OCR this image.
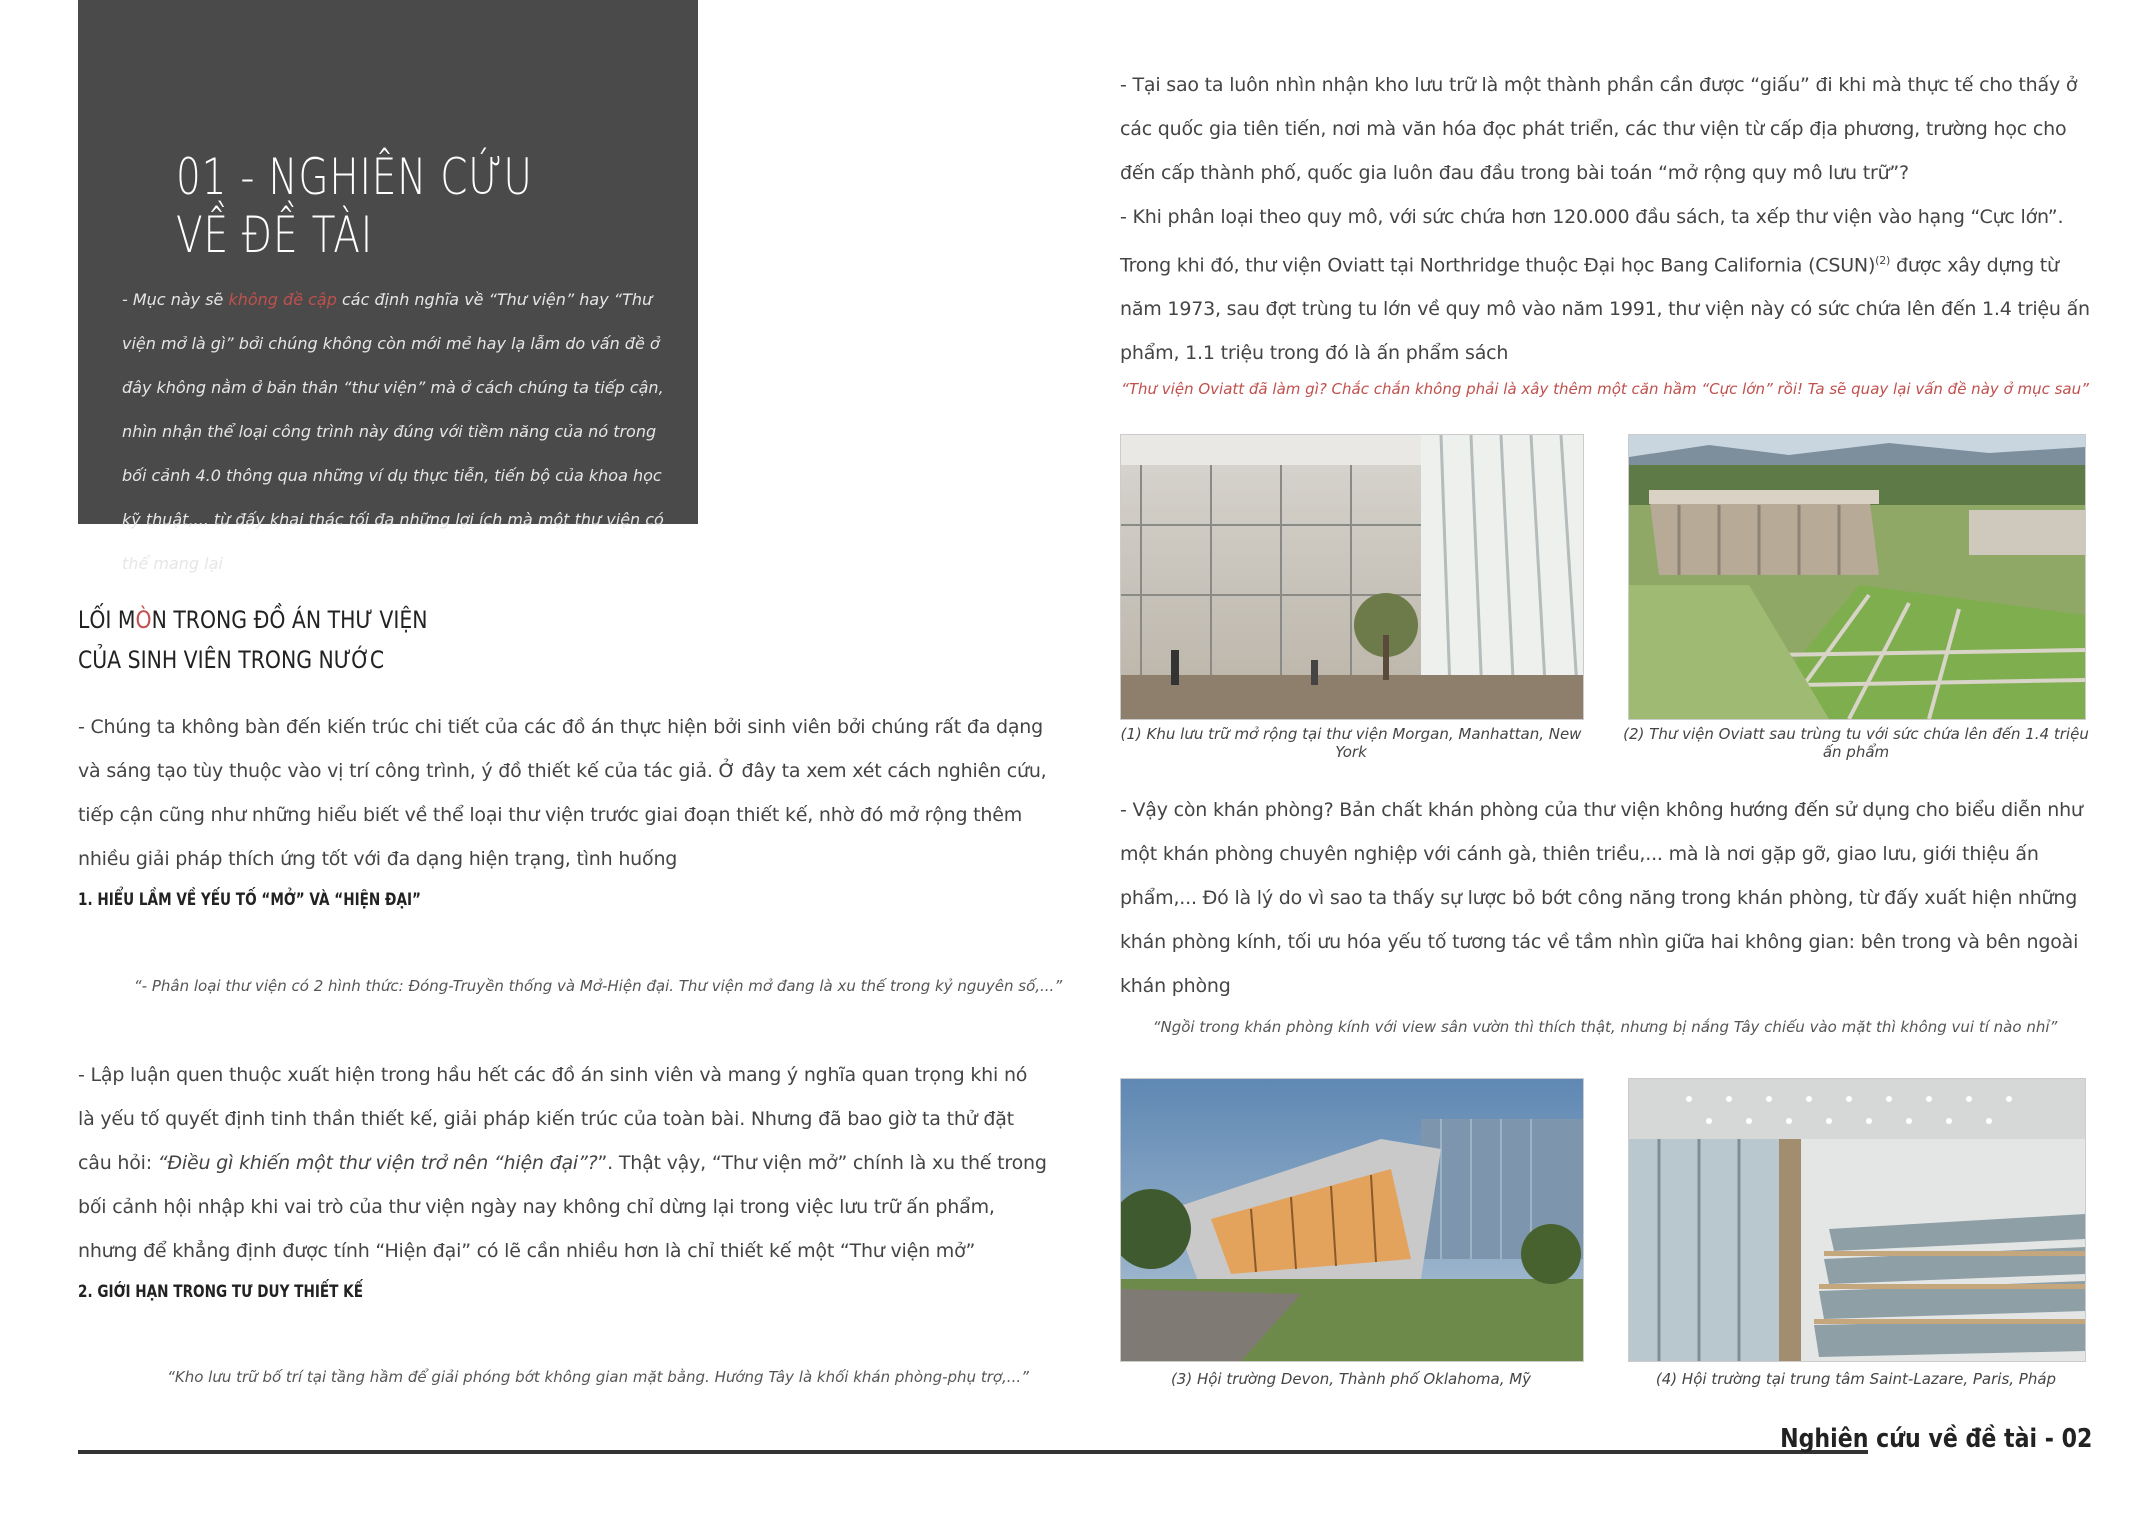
01 - NGHIÊN CỨU VỀ ĐỀ TÀI
- Mục này sẽ không đề cập các định nghĩa về “Thư viện” hay “Thư viện mở là gì” bởi chúng không còn mới mẻ hay lạ lẫm do vấn đề ở đây không nằm ở bản thân “thư viện” mà ở cách chúng ta tiếp cận, nhìn nhận thể loại công trình này đúng với tiềm năng của nó trong bối cảnh 4.0 thông qua những ví dụ thực tiễn, tiến bộ của khoa học kỹ thuật,... từ đấy khai thác tối đa những lợi ích mà một thư viện có thể mang lại
LỐI MÒN TRONG ĐỒ ÁN THƯ VIỆN
CỦA SINH VIÊN TRONG NƯỚC
- Chúng ta không bàn đến kiến trúc chi tiết của các đồ án thực hiện bởi sinh viên bởi chúng rất đa dạng và sáng tạo tùy thuộc vào vị trí công trình, ý đồ thiết kế của tác giả. Ở đây ta xem xét cách nghiên cứu, tiếp cận cũng như những hiểu biết về thể loại thư viện trước giai đoạn thiết kế, nhờ đó mở rộng thêm nhiều giải pháp thích ứng tốt với đa dạng hiện trạng, tình huống
1. HIỂU LẦM VỀ YẾU TỐ “MỞ” VÀ “HIỆN ĐẠI”
“- Phân loại thư viện có 2 hình thức: Đóng-Truyền thống và Mở-Hiện đại. Thư viện mở đang là xu thế trong kỷ nguyên số,...”
- Lập luận quen thuộc xuất hiện trong hầu hết các đồ án sinh viên và mang ý nghĩa quan trọng khi nó là yếu tố quyết định tinh thần thiết kế, giải pháp kiến trúc của toàn bài. Nhưng đã bao giờ ta thử đặt câu hỏi: “Điều gì khiến một thư viện trở nên “hiện đại”?”. Thật vậy, “Thư viện mở” chính là xu thế trong bối cảnh hội nhập khi vai trò của thư viện ngày nay không chỉ dừng lại trong việc lưu trữ ấn phẩm, nhưng để khẳng định được tính “Hiện đại” có lẽ cần nhiều hơn là chỉ thiết kế một “Thư viện mở”
2. GIỚI HẠN TRONG TƯ DUY THIẾT KẾ
“Kho lưu trữ bố trí tại tầng hầm để giải phóng bớt không gian mặt bằng. Hướng Tây là khối khán phòng-phụ trợ,...”
- Tại sao ta luôn nhìn nhận kho lưu trữ là một thành phần cần được “giấu” đi khi mà thực tế cho thấy ở các quốc gia tiên tiến, nơi mà văn hóa đọc phát triển, các thư viện từ cấp địa phương, trường học cho đến cấp thành phố, quốc gia luôn đau đầu trong bài toán “mở rộng quy mô lưu trữ”?
- Khi phân loại theo quy mô, với sức chứa hơn 120.000 đầu sách, ta xếp thư viện vào hạng “Cực lớn”. Trong khi đó, thư viện Oviatt tại Northridge thuộc Đại học Bang California (CSUN)$^{(2)}$ được xây dựng từ năm 1973, sau đợt trùng tu lớn về quy mô vào năm 1991, thư viện này có sức chứa lên đến 1.4 triệu ấn phẩm, 1.1 triệu trong đó là ấn phẩm sách
“Thư viện Oviatt đã làm gì? Chắc chắn không phải là xây thêm một căn hầm “Cực lớn” rồi! Ta sẽ quay lại vấn đề này ở mục sau”
(1) Khu lưu trữ mở rộng tại thư viện Morgan, Manhattan, New York
(2) Thư viện Oviatt sau trùng tu với sức chứa lên đến 1.4 triệu ấn phẩm
- Vậy còn khán phòng? Bản chất khán phòng của thư viện không hướng đến sử dụng cho biểu diễn như một khán phòng chuyên nghiệp với cánh gà, thiên triều,... mà là nơi gặp gỡ, giao lưu, giới thiệu ấn phẩm,... Đó là lý do vì sao ta thấy sự lược bỏ bớt công năng trong khán phòng, từ đấy xuất hiện những khán phòng kính, tối ưu hóa yếu tố tương tác về tầm nhìn giữa hai không gian: bên trong và bên ngoài khán phòng
“Ngồi trong khán phòng kính với view sân vườn thì thích thật, nhưng bị nắng Tây chiếu vào mặt thì không vui tí nào nhỉ”
(3) Hội trường Devon, Thành phố Oklahoma, Mỹ	(4) Hội trường tại trung tâm Saint-Lazare, Paris, Pháp
Nghiên cứu về đề tài - 02
